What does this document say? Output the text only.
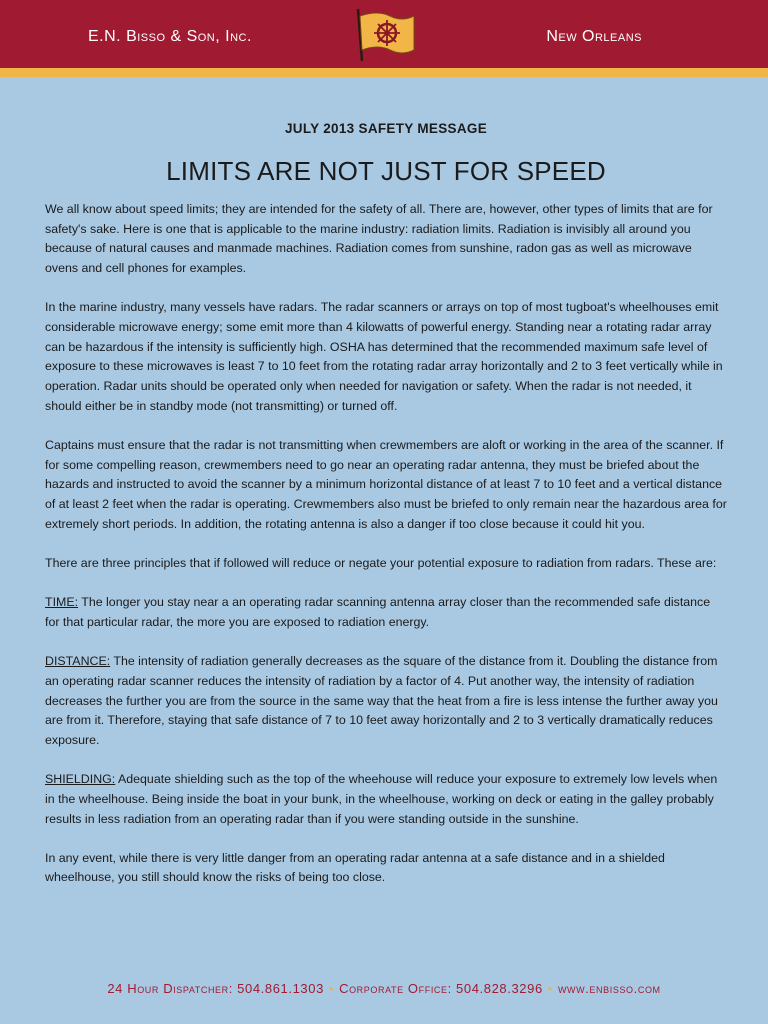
E.N. Bisso & Son, Inc.	New Orleans
JULY 2013 SAFETY MESSAGE
LIMITS ARE NOT JUST FOR SPEED

We all know about speed limits; they are intended for the safety of all. There are, however, other types of limits that are for safety's sake. Here is one that is applicable to the marine industry: radiation limits. Radiation is invisibly all around you because of natural causes and manmade machines. Radiation comes from sunshine, radon gas as well as microwave ovens and cell phones for examples.

In the marine industry, many vessels have radars. The radar scanners or arrays on top of most tugboat's wheelhouses emit considerable microwave energy; some emit more than 4 kilowatts of powerful energy. Standing near a rotating radar array can be hazardous if the intensity is sufficiently high. OSHA has determined that the recommended maximum safe level of exposure to these microwaves is least 7 to 10 feet from the rotating radar array horizontally and 2 to 3 feet vertically while in operation. Radar units should be operated only when needed for navigation or safety. When the radar is not needed, it should either be in standby mode (not transmitting) or turned off.

Captains must ensure that the radar is not transmitting when crewmembers are aloft or working in the area of the scanner. If for some compelling reason, crewmembers need to go near an operating radar antenna, they must be briefed about the hazards and instructed to avoid the scanner by a minimum horizontal distance of at least 7 to 10 feet and a vertical distance of at least 2 feet when the radar is operating. Crewmembers also must be briefed to only remain near the hazardous area for extremely short periods. In addition, the rotating antenna is also a danger if too close because it could hit you.

There are three principles that if followed will reduce or negate your potential exposure to radiation from radars. These are:

TIME: The longer you stay near a an operating radar scanning antenna array closer than the recommended safe distance for that particular radar, the more you are exposed to radiation energy.

DISTANCE: The intensity of radiation generally decreases as the square of the distance from it. Doubling the distance from an operating radar scanner reduces the intensity of radiation by a factor of 4. Put another way, the intensity of radiation decreases the further you are from the source in the same way that the heat from a fire is less intense the further away you are from it. Therefore, staying that safe distance of 7 to 10 feet away horizontally and 2 to 3 vertically dramatically reduces exposure.

SHIELDING: Adequate shielding such as the top of the wheehouse will reduce your exposure to extremely low levels when in the wheelhouse. Being inside the boat in your bunk, in the wheelhouse, working on deck or eating in the galley probably results in less radiation from an operating radar than if you were standing outside in the sunshine.

In any event, while there is very little danger from an operating radar antenna at a safe distance and in a shielded wheelhouse, you still should know the risks of being too close.

24 Hour Dispatcher: 504.861.1303 • Corporate Office: 504.828.3296 • www.enbisso.com
